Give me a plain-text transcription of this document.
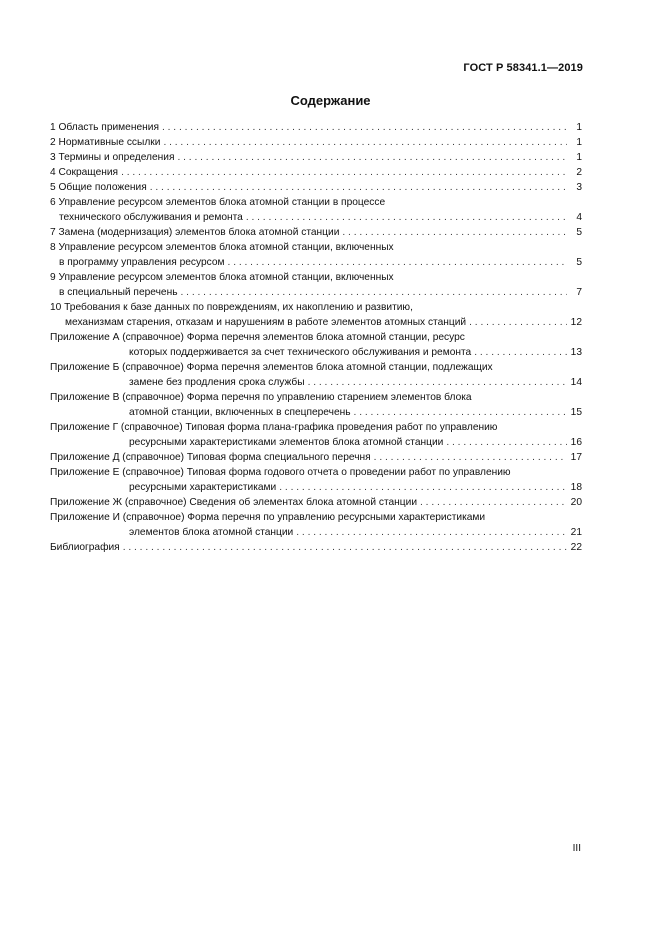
ГОСТ Р 58341.1—2019
Содержание
1 Область применения . . .	1
2 Нормативные ссылки . . .	1
3 Термины и определения . . .	1
4 Сокращения . . .	2
5 Общие положения . . .	3
6 Управление ресурсом элементов блока атомной станции в процессе
технического обслуживания и ремонта . . .	4
7 Замена (модернизация) элементов блока атомной станции . . .	5
8 Управление ресурсом элементов блока атомной станции, включенных
в программу управления ресурсом . . .	5
9 Управление ресурсом элементов блока атомной станции, включенных
в специальный перечень . . .	7
10 Требования к базе данных по повреждениям, их накоплению и развитию,
механизмам старения, отказам и нарушениям в работе элементов атомных станций . . .	12
Приложение А (справочное) Форма перечня элементов блока атомной станции, ресурс
которых поддерживается за счет технического обслуживания и ремонта . . .	13
Приложение Б (справочное) Форма перечня элементов блока атомной станции, подлежащих
замене без продления срока службы . . .	14
Приложение В (справочное) Форма перечня по управлению старением элементов блока
атомной станции, включенных в спецперечень . . .	15
Приложение Г (справочное) Типовая форма плана-графика проведения работ по управлению
ресурсными характеристиками элементов блока атомной станции . . .	16
Приложение Д (справочное) Типовая форма специального перечня . . .	17
Приложение Е (справочное) Типовая форма годового отчета о проведении работ по управлению
ресурсными характеристиками . . .	18
Приложение Ж (справочное) Сведения об элементах блока атомной станции . . .	20
Приложение И (справочное) Форма перечня по управлению ресурсными характеристиками
элементов блока атомной станции . . .	21
Библиография . . .	22
III
